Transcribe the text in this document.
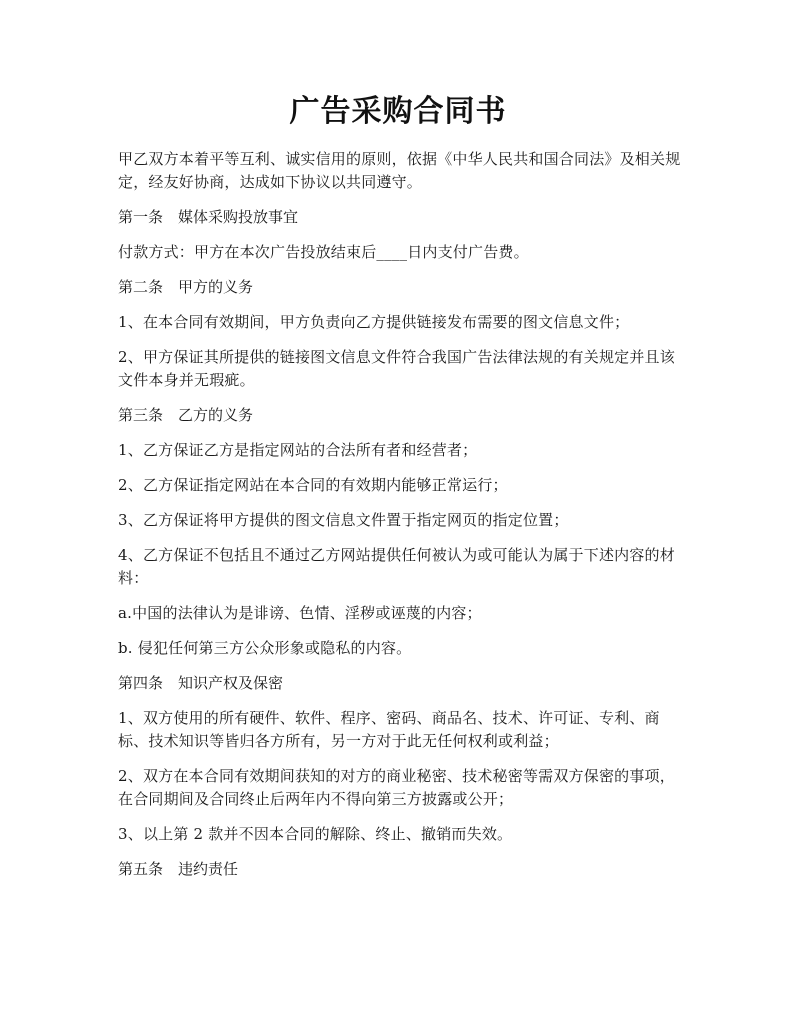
广告采购合同书

甲乙双方本着平等互利、诚实信用的原则，依据《中华人民共和国合同法》及相关规定，经友好协商，达成如下协议以共同遵守。

第一条 媒体采购投放事宜

付款方式：甲方在本次广告投放结束后____日内支付广告费。

第二条 甲方的义务

1、在本合同有效期间，甲方负责向乙方提供链接发布需要的图文信息文件；

2、甲方保证其所提供的链接图文信息文件符合我国广告法律法规的有关规定并且该文件本身并无瑕疵。

第三条 乙方的义务

1、乙方保证乙方是指定网站的合法所有者和经营者；

2、乙方保证指定网站在本合同的有效期内能够正常运行；

3、乙方保证将甲方提供的图文信息文件置于指定网页的指定位置；

4、乙方保证不包括且不通过乙方网站提供任何被认为或可能认为属于下述内容的材料：

a.中国的法律认为是诽谤、色情、淫秽或诬蔑的内容；

b. 侵犯任何第三方公众形象或隐私的内容。

第四条 知识产权及保密

1、双方使用的所有硬件、软件、程序、密码、商品名、技术、许可证、专利、商标、技术知识等皆归各方所有，另一方对于此无任何权利或利益；

2、双方在本合同有效期间获知的对方的商业秘密、技术秘密等需双方保密的事项，在合同期间及合同终止后两年内不得向第三方披露或公开；

3、以上第 2 款并不因本合同的解除、终止、撤销而失效。

第五条 违约责任
